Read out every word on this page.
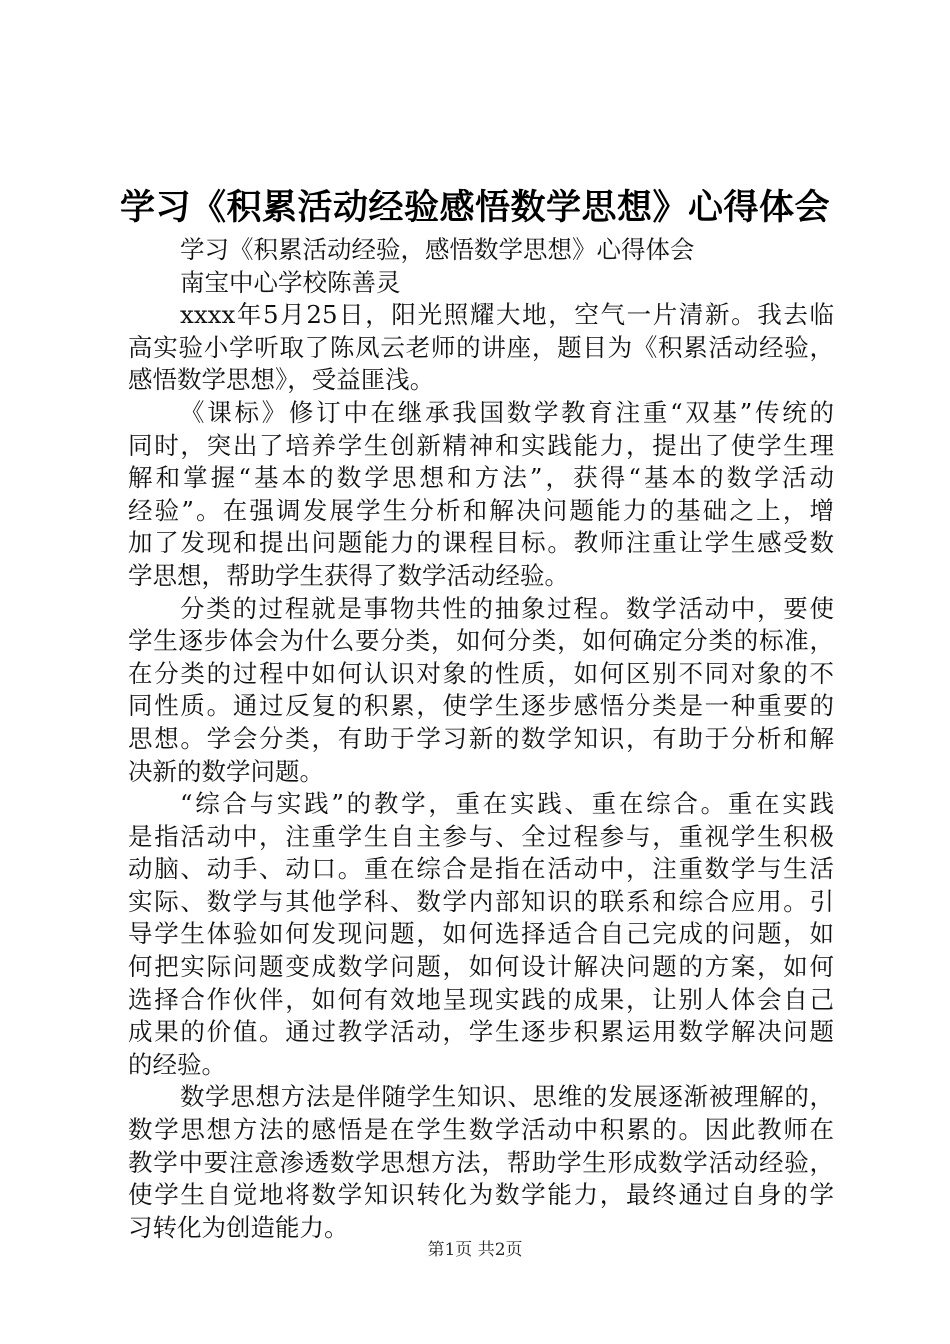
学习《积累活动经验感悟数学思想》心得体会
学习《积累活动经验，感悟数学思想》心得体会
南宝中心学校陈善灵
xxxx年5月25日，阳光照耀大地，空气一片清新。我去临
高实验小学听取了陈凤云老师的讲座，题目为《积累活动经验，
感悟数学思想》，受益匪浅。
《课标》修订中在继承我国数学教育注重“双基”传统的
同时，突出了培养学生创新精神和实践能力，提出了使学生理
解和掌握“基本的数学思想和方法”，获得“基本的数学活动
经验”。在强调发展学生分析和解决问题能力的基础之上，增
加了发现和提出问题能力的课程目标。教师注重让学生感受数
学思想，帮助学生获得了数学活动经验。
分类的过程就是事物共性的抽象过程。数学活动中，要使
学生逐步体会为什么要分类，如何分类，如何确定分类的标准，
在分类的过程中如何认识对象的性质，如何区别不同对象的不
同性质。通过反复的积累，使学生逐步感悟分类是一种重要的
思想。学会分类，有助于学习新的数学知识，有助于分析和解
决新的数学问题。
“综合与实践”的教学，重在实践、重在综合。重在实践
是指活动中，注重学生自主参与、全过程参与，重视学生积极
动脑、动手、动口。重在综合是指在活动中，注重数学与生活
实际、数学与其他学科、数学内部知识的联系和综合应用。引
导学生体验如何发现问题，如何选择适合自己完成的问题，如
何把实际问题变成数学问题，如何设计解决问题的方案，如何
选择合作伙伴，如何有效地呈现实践的成果，让别人体会自己
成果的价值。通过教学活动，学生逐步积累运用数学解决问题
的经验。
数学思想方法是伴随学生知识、思维的发展逐渐被理解的，
数学思想方法的感悟是在学生数学活动中积累的。因此教师在
教学中要注意渗透数学思想方法，帮助学生形成数学活动经验，
使学生自觉地将数学知识转化为数学能力，最终通过自身的学
习转化为创造能力。
第1页 共2页
